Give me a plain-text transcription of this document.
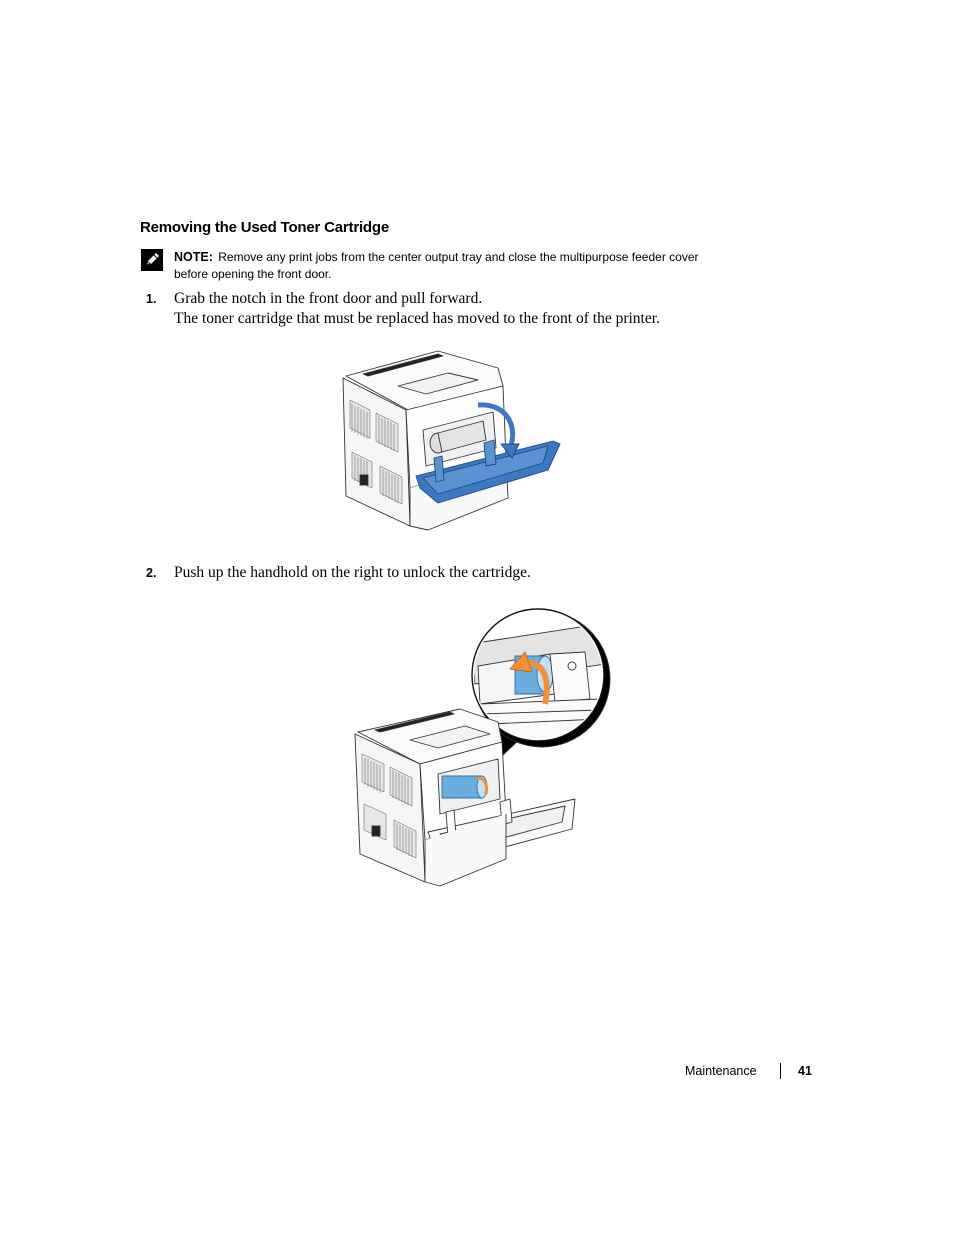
Removing the Used Toner Cartridge
NOTE: Remove any print jobs from the center output tray and close the multipurpose feeder cover
before opening the front door.
1. Grab the notch in the front door and pull forward.
The toner cartridge that must be replaced has moved to the front of the printer.
2. Push up the handhold on the right to unlock the cartridge.
Maintenance	41
